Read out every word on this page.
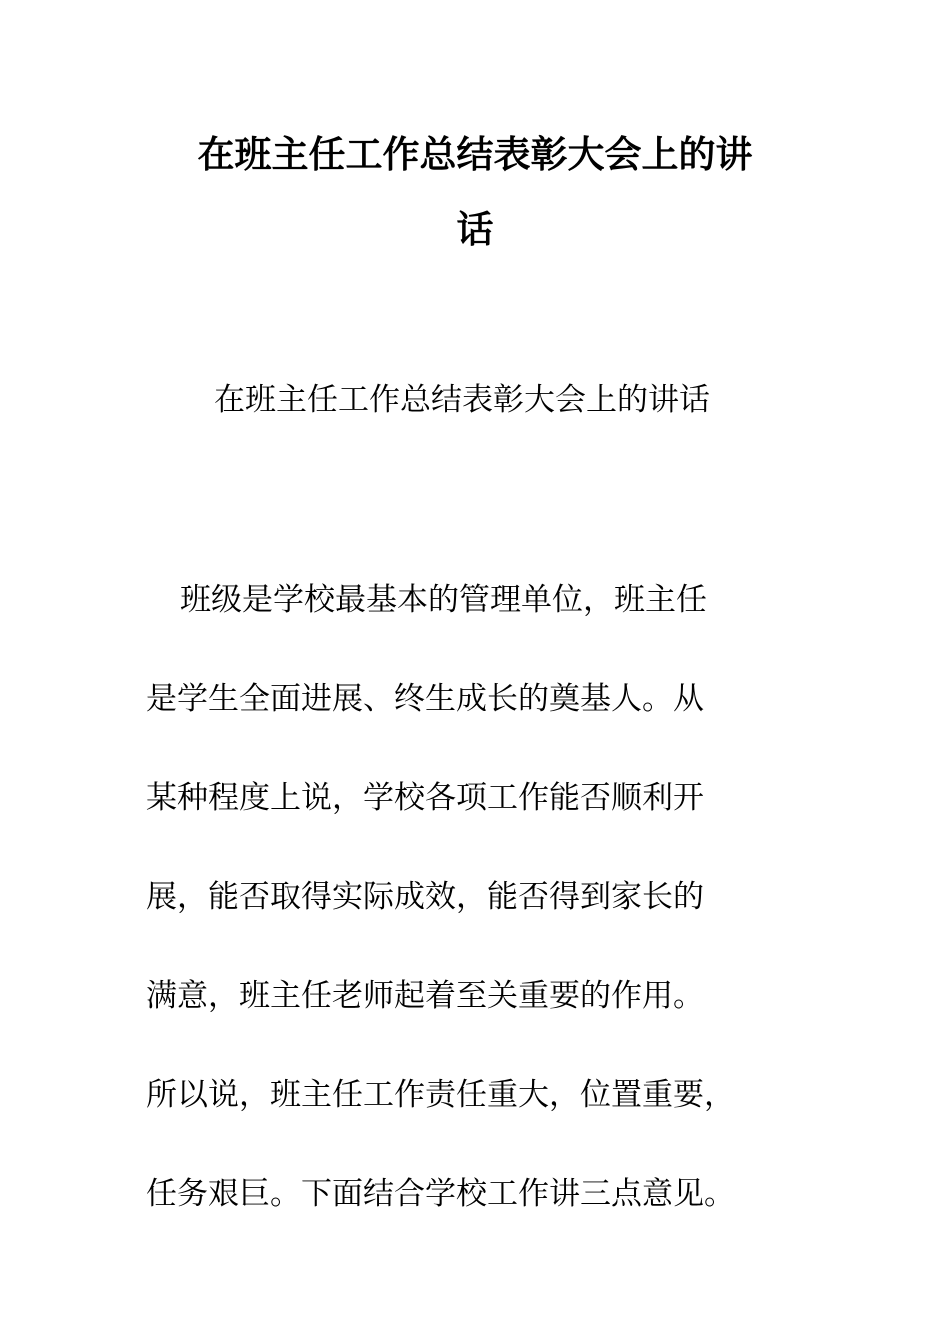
在班主任工作总结表彰大会上的讲
话
在班主任工作总结表彰大会上的讲话
班级是学校最基本的管理单位，班主任
是学生全面进展、终生成长的奠基人。从
某种程度上说，学校各项工作能否顺利开
展，能否取得实际成效，能否得到家长的
满意，班主任老师起着至关重要的作用。
所以说，班主任工作责任重大，位置重要，
任务艰巨。下面结合学校工作讲三点意见。
